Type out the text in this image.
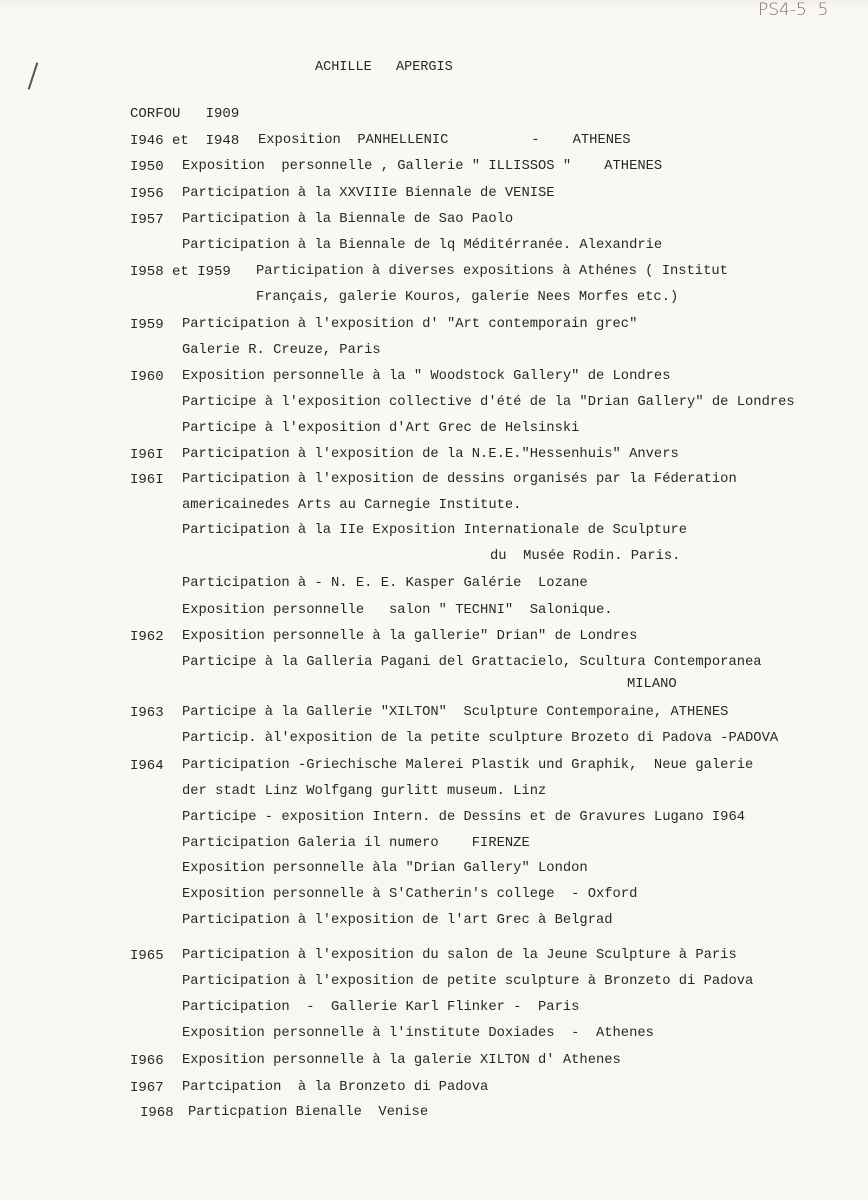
PS4-5  5
ACHILLE   APERGIS
CORFOU   I909
I946 et  I948 Exposition  PANHELLENIC          -    ATHENES
I950 Exposition  personnelle , Gallerie " ILLISSOS "    ATHENES
I956 Participation à la XXVIIIe Biennale de VENISE
I957 Participation à la Biennale de Sao Paolo
Participation à la Biennale de lq Méditérranée. Alexandrie
I958 et I959 Participation à diverses expositions à Athénes ( Institut
Français, galerie Kouros, galerie Nees Morfes etc.)
I959 Participation à l'exposition d' "Art contemporain grec"
Galerie R. Creuze, Paris
I960 Exposition personnelle à la " Woodstock Gallery" de Londres
Participe à l'exposition collective d'été de la "Drian Gallery" de Londres
Participe à l'exposition d'Art Grec de Helsinski
I96I Participation à l'exposition de la N.E.E."Hessenhuis" Anvers
I96I Participation à l'exposition de dessins organisés par la Féderation
americainedes Arts au Carnegie Institute.
Participation à la IIe Exposition Internationale de Sculpture
du  Musée Rodin. Paris.
Participation à - N. E. E. Kasper Galérie  Lozane
Exposition personnelle   salon " TECHNI"  Salonique.
I962 Exposition personnelle à la gallerie" Drian" de Londres
Participe à la Galleria Pagani del Grattacielo, Scultura Contemporanea
MILANO
I963 Participe à la Gallerie "XILTON"  Sculpture Contemporaine, ATHENES
Particip. àl'exposition de la petite sculpture Brozeto di Padova -PADOVA
I964 Participation -Griechische Malerei Plastik und Graphik,  Neue galerie
der stadt Linz Wolfgang gurlitt museum. Linz
Participe - exposition Intern. de Dessins et de Gravures Lugano I964
Participation Galeria il numero    FIRENZE
Exposition personnelle àla "Drian Gallery" London
Exposition personnelle à S'Catherin's college  - Oxford
Participation à l'exposition de l'art Grec à Belgrad
I965 Participation à l'exposition du salon de la Jeune Sculpture à Paris
Participation à l'exposition de petite sculpture à Bronzeto di Padova
Participation  -  Gallerie Karl Flinker -  Paris
Exposition personnelle à l'institute Doxiades  -  Athenes
I966 Exposition personnelle à la galerie XILTON d' Athenes
I967 Partcipation  à la Bronzeto di Padova
I968 Particpation Bienalle  Venise
